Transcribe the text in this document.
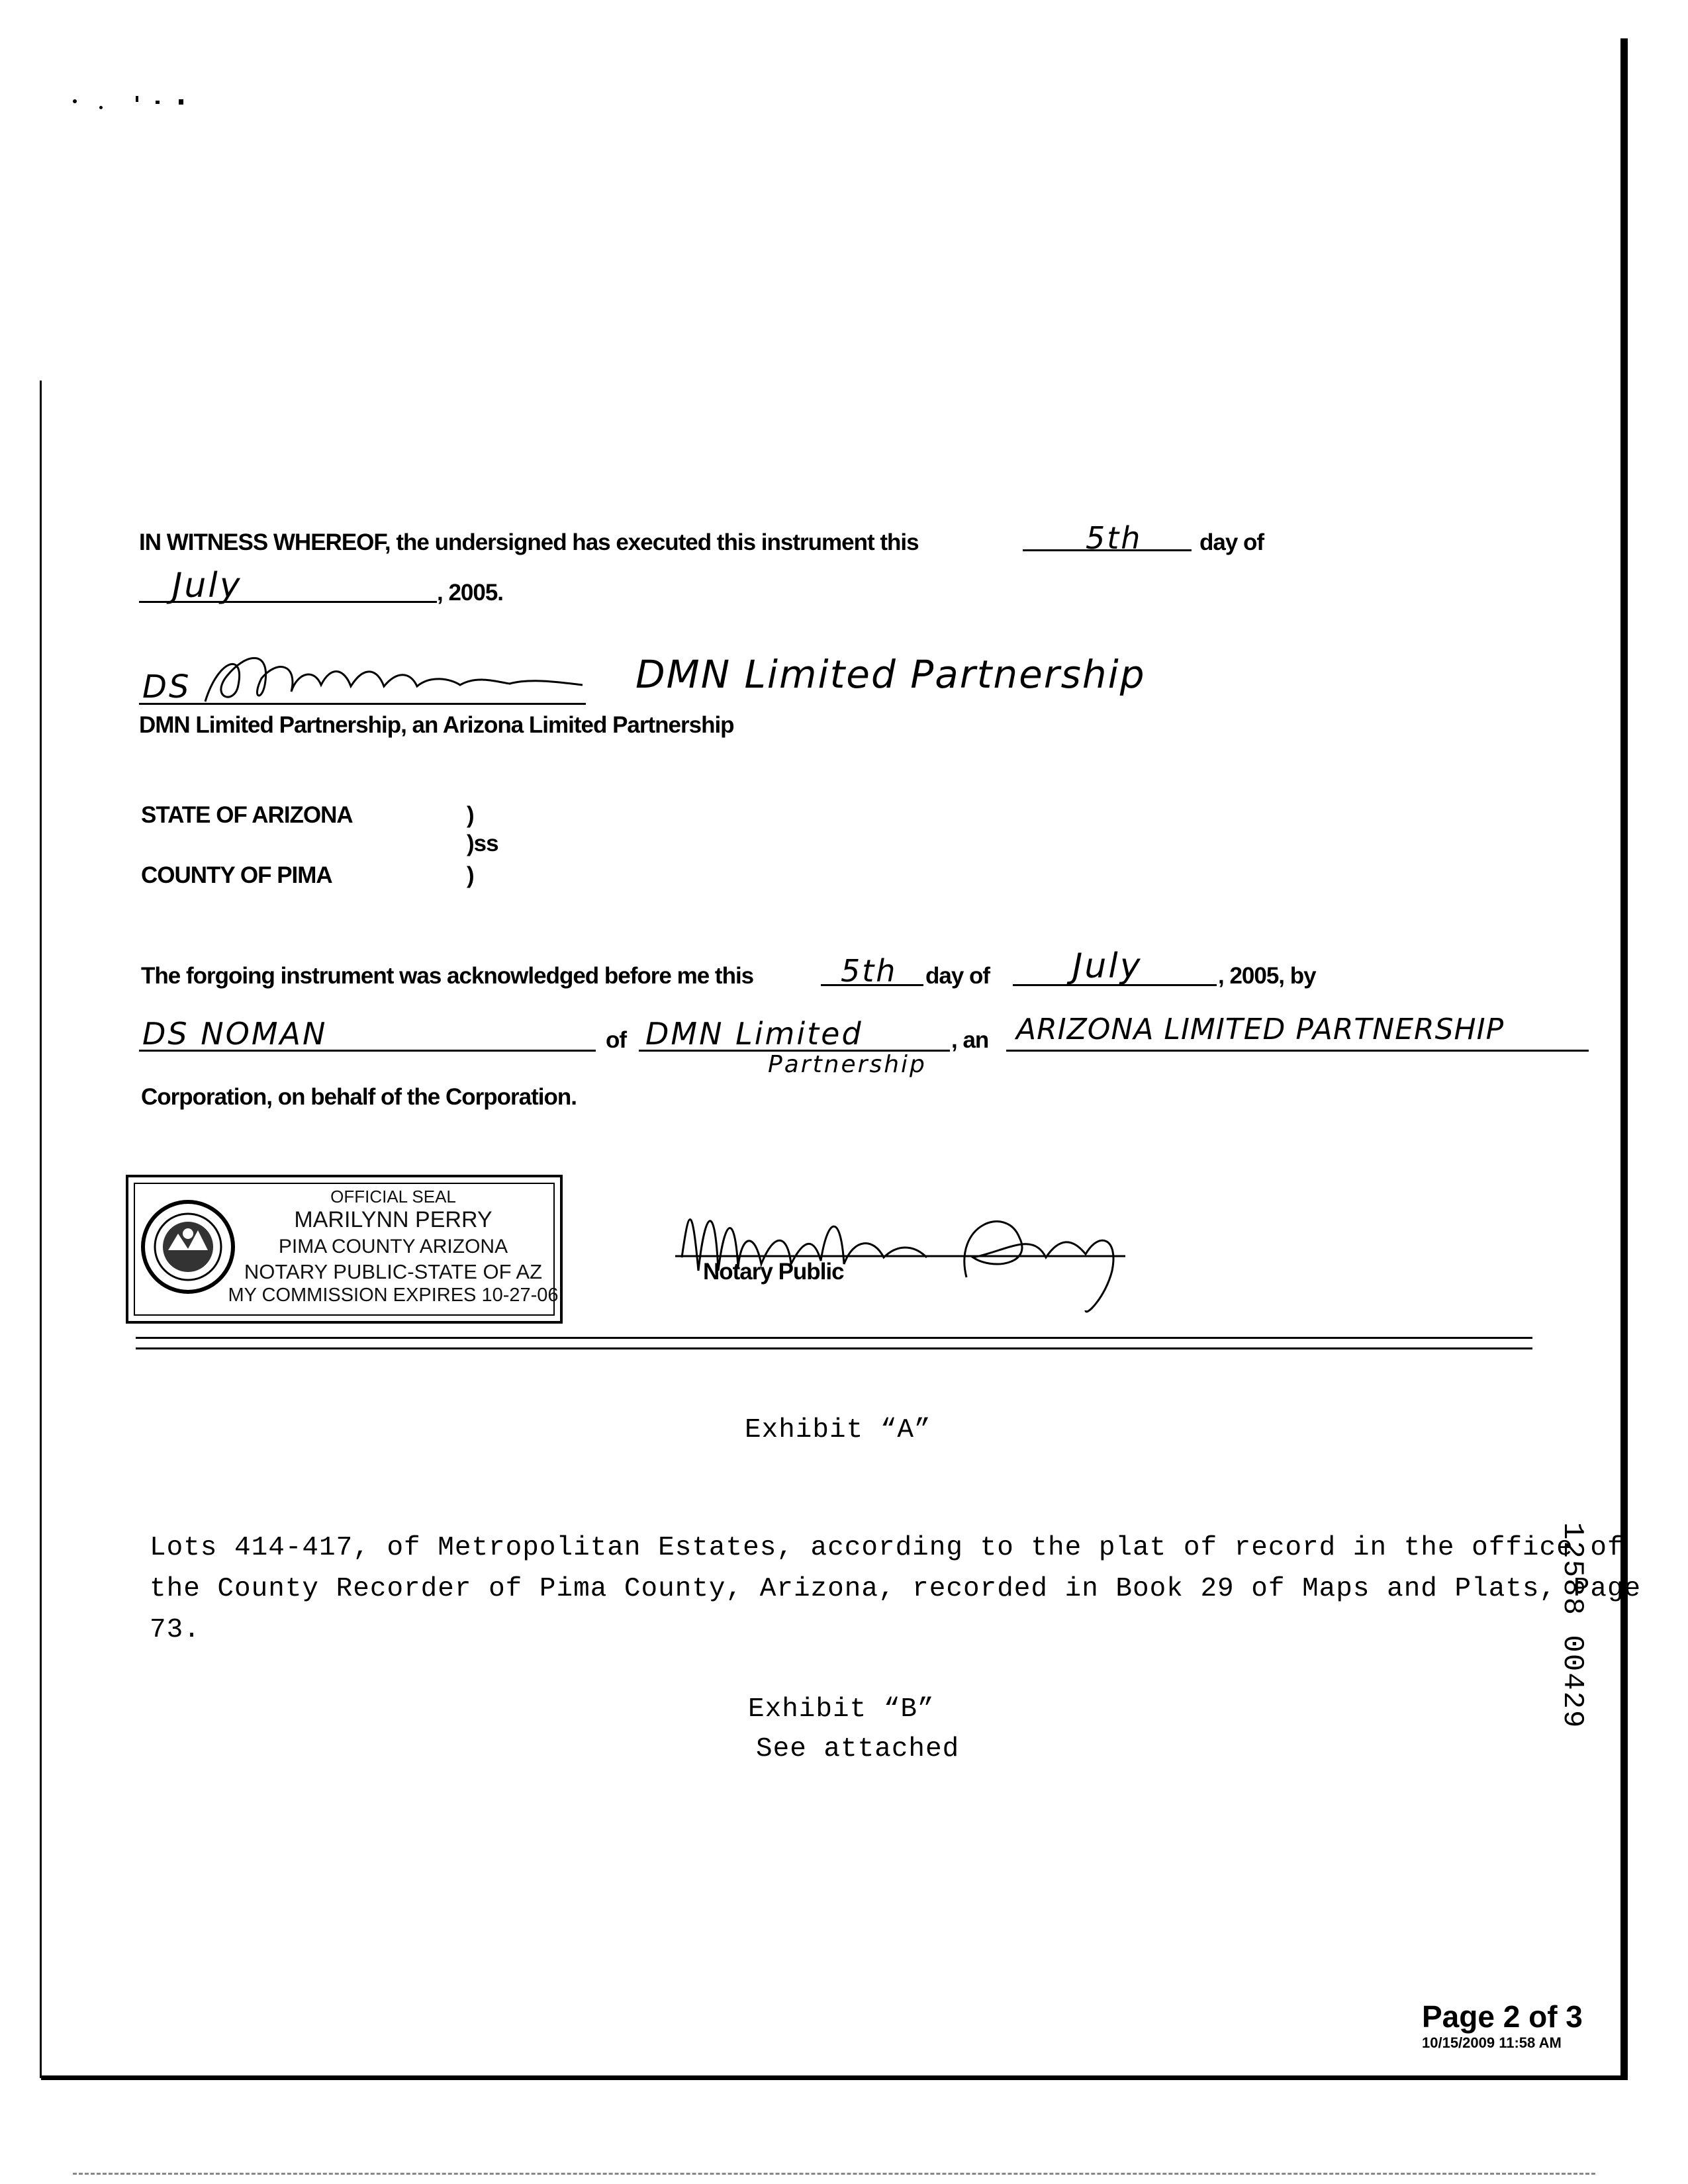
IN WITNESS WHEREOF, the undersigned has executed this instrument this	5th day of
July	, 2005.
DS	DMN Limited Partnership
DMN Limited Partnership, an Arizona Limited Partnership
STATE OF ARIZONA	)
)ss
COUNTY OF PIMA	)
The forgoing instrument was acknowledged before me this	5th day of July	, 2005, by
DS NOMAN	of DMN Limited
Partnership
, an ARIZONA LIMITED PARTNERSHIP
Corporation, on behalf of the Corporation.
OFFICIAL SEAL
MARILYNN PERRY
PIMA COUNTY ARIZONA
NOTARY PUBLIC-STATE OF AZ
MY COMMISSION EXPIRES 10-27-06
Notary Public
Exhibit “A”
Lots 414-417, of Metropolitan Estates, according to the plat of record in the office of
the County Recorder of Pima County, Arizona, recorded in Book 29 of Maps and Plats, Page
73.
Exhibit “B”
See attached
12588 00429
Page 2 of 3
10/15/2009 11:58 AM
